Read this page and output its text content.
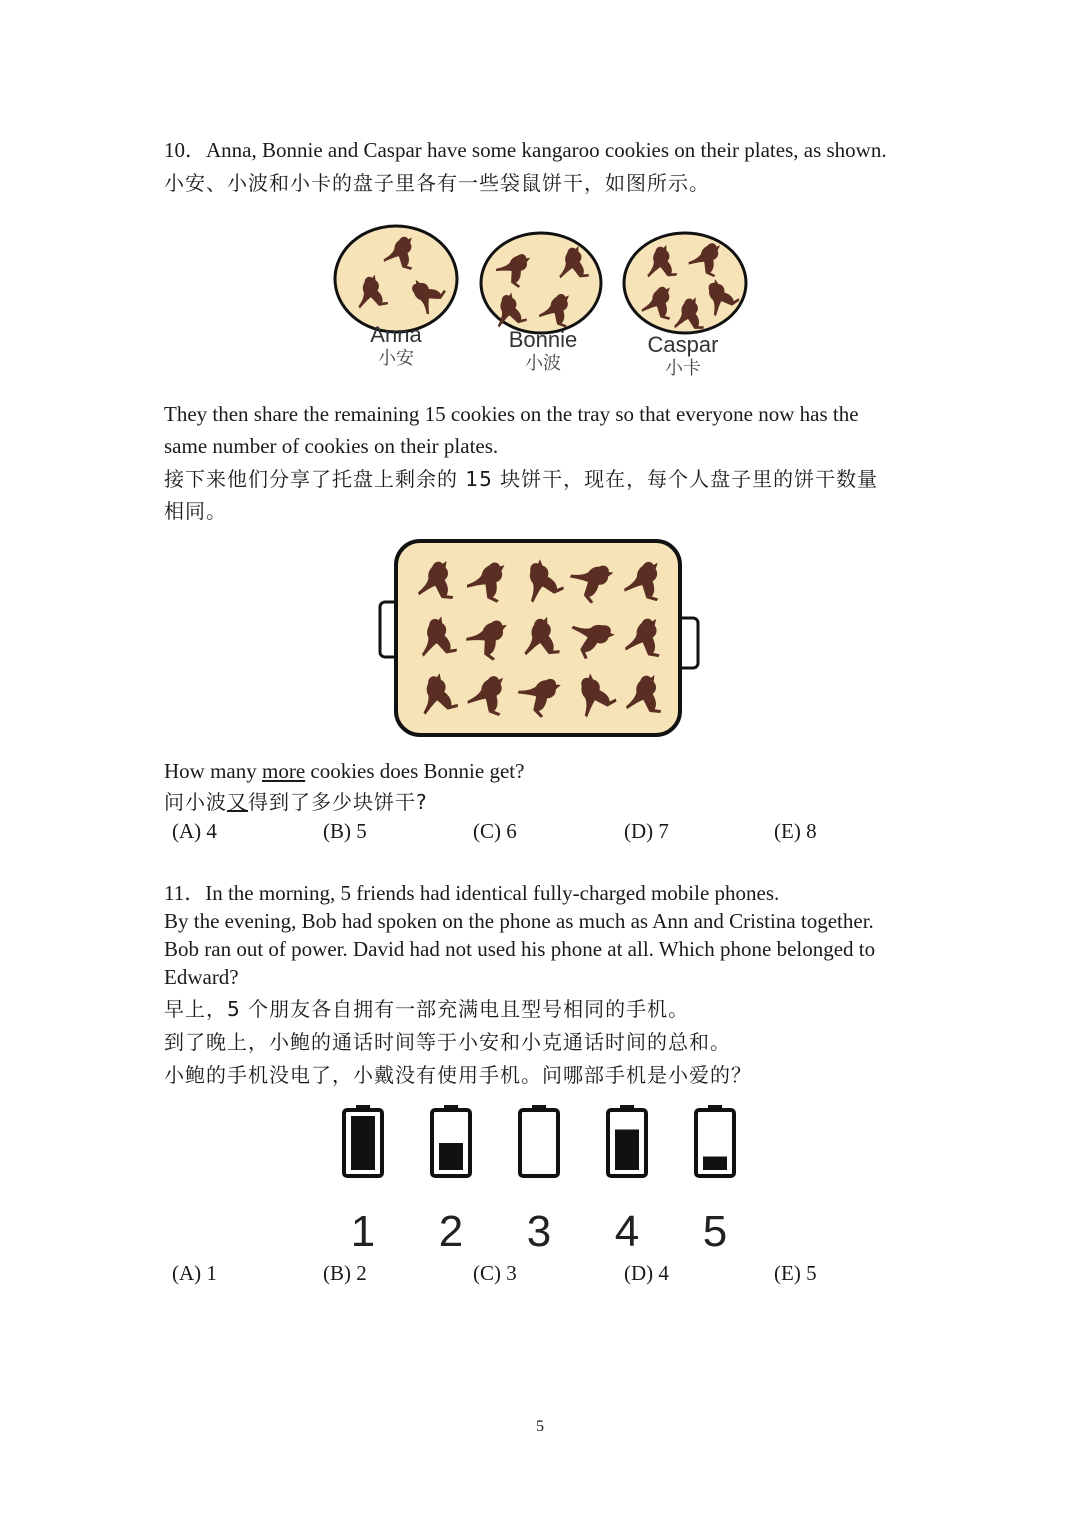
10．Anna, Bonnie and Caspar have some kangaroo cookies on their plates, as shown.
小安、小波和小卡的盘子里各有一些袋鼠饼干，如图所示。
Anna
小安
Bonnie
小波
Caspar
小卡
They then share the remaining 15 cookies on the tray so that everyone now has the
same number of cookies on their plates.
接下来他们分享了托盘上剩余的 15 块饼干，现在，每个人盘子里的饼干数量
相同。
How many more cookies does Bonnie get?
问小波又得到了多少块饼干?
(A) 4	(B) 5	(C) 6	(D) 7	(E) 8
11．In the morning, 5 friends had identical fully-charged mobile phones.
By the evening, Bob had spoken on the phone as much as Ann and Cristina together.
Bob ran out of power. David had not used his phone at all. Which phone belonged to
Edward?
早上，5 个朋友各自拥有一部充满电且型号相同的手机。
到了晚上，小鲍的通话时间等于小安和小克通话时间的总和。
小鲍的手机没电了，小戴没有使用手机。问哪部手机是小爱的？
1 2 3 4 5
(A) 1	(B) 2	(C) 3	(D) 4	(E) 5
5
